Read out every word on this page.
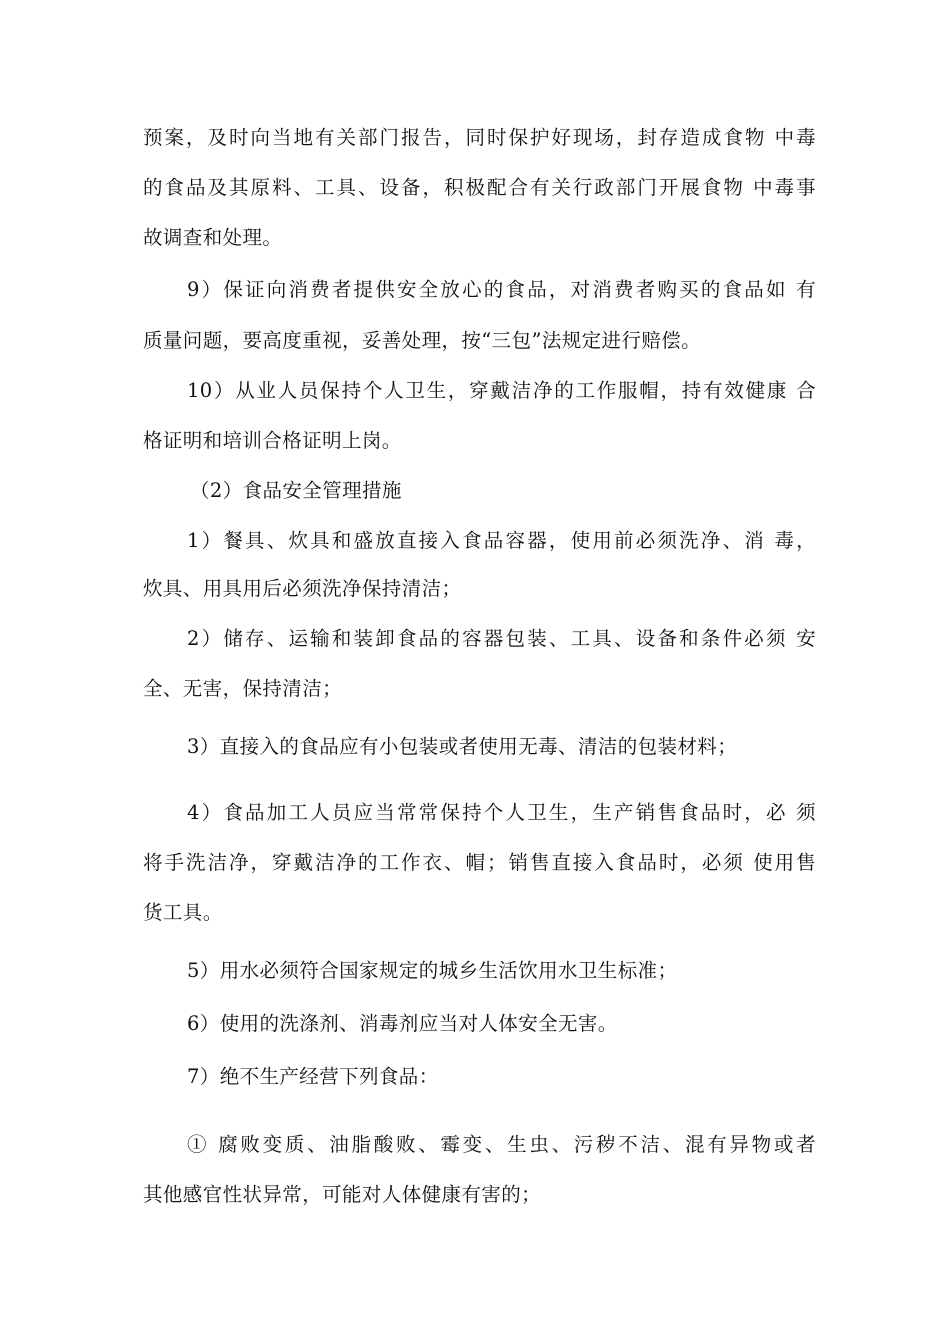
预案，及时向当地有关部门报告，同时保护好现场，封存造成食物 中毒
的食品及其原料、工具、设备，积极配合有关行政部门开展食物 中毒事
故调查和处理。
9）保证向消费者提供安全放心的食品，对消费者购买的食品如 有
质量问题，要高度重视，妥善处理，按“三包”法规定进行赔偿。
10）从业人员保持个人卫生，穿戴洁净的工作服帽，持有效健康 合
格证明和培训合格证明上岗。
（2）食品安全管理措施
1）餐具、炊具和盛放直接入食品容器，使用前必须洗净、消 毒，
炊具、用具用后必须洗净保持清洁；
2）储存、运输和装卸食品的容器包装、工具、设备和条件必须 安
全、无害，保持清洁；
3）直接入的食品应有小包装或者使用无毒、清洁的包装材料；
4）食品加工人员应当常常保持个人卫生，生产销售食品时，必 须
将手洗洁净，穿戴洁净的工作衣、帽；销售直接入食品时，必须 使用售
货工具。
5）用水必须符合国家规定的城乡生活饮用水卫生标准；
6）使用的洗涤剂、消毒剂应当对人体安全无害。
7）绝不生产经营下列食品：
① 腐败变质、油脂酸败、霉变、生虫、污秽不洁、混有异物或者
其他感官性状异常，可能对人体健康有害的；
